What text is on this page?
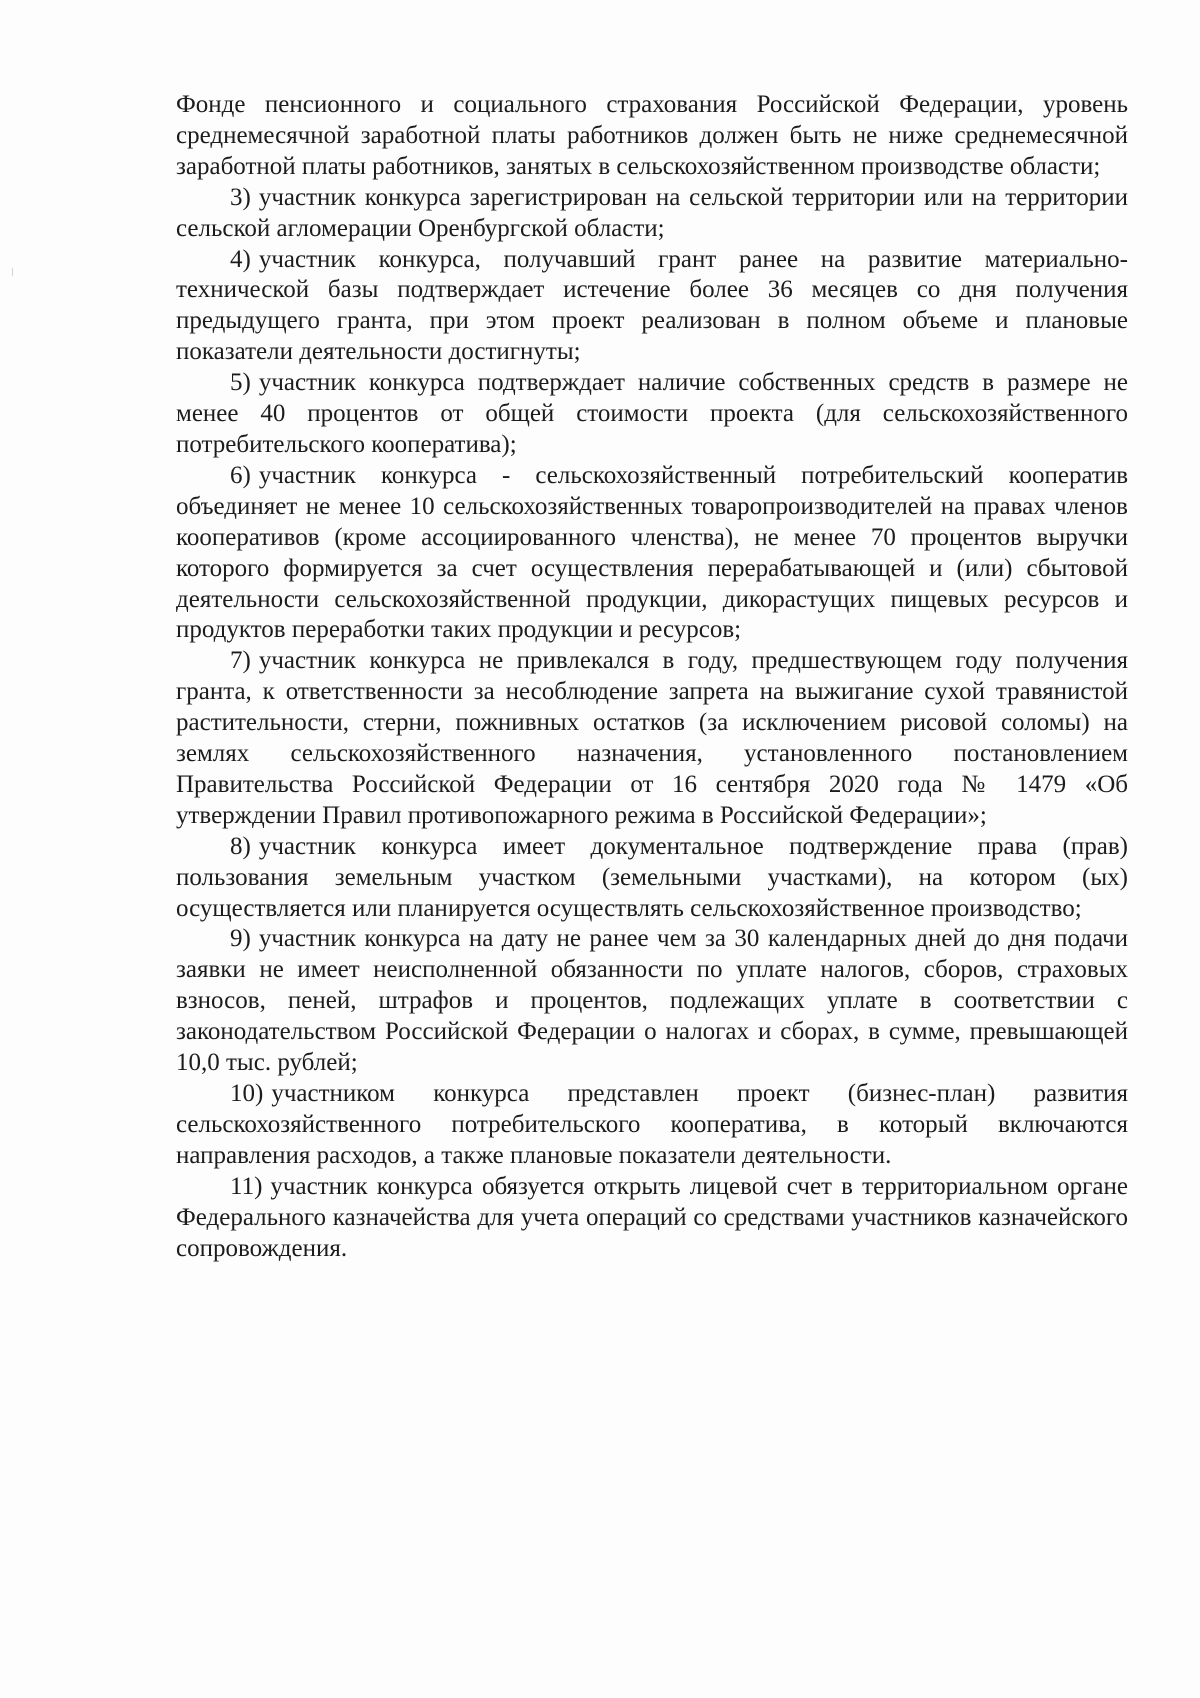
Фонде пенсионного и социального страхования Российской Федерации, уровень среднемесячной заработной платы работников должен быть не ниже среднемесячной заработной платы работников, занятых в сельскохозяйственном производстве области;

3) участник конкурса зарегистрирован на сельской территории или на территории сельской агломерации Оренбургской области;

4) участник конкурса, получавший грант ранее на развитие материально-технической базы подтверждает истечение более 36 месяцев со дня получения предыдущего гранта, при этом проект реализован в полном объеме и плановые показатели деятельности достигнуты;

5) участник конкурса подтверждает наличие собственных средств в размере не менее 40 процентов от общей стоимости проекта (для сельскохозяйственного потребительского кооператива);

6) участник конкурса - сельскохозяйственный потребительский кооператив объединяет не менее 10 сельскохозяйственных товаропроизводителей на правах членов кооперативов (кроме ассоциированного членства), не менее 70 процентов выручки которого формируется за счет осуществления перерабатывающей и (или) сбытовой деятельности сельскохозяйственной продукции, дикорастущих пищевых ресурсов и продуктов переработки таких продукции и ресурсов;

7) участник конкурса не привлекался в году, предшествующем году получения гранта, к ответственности за несоблюдение запрета на выжигание сухой травянистой растительности, стерни, пожнивных остатков (за исключением рисовой соломы) на землях сельскохозяйственного назначения, установленного постановлением Правительства Российской Федерации от 16 сентября 2020 года № 1479 «Об утверждении Правил противопожарного режима в Российской Федерации»;

8) участник конкурса имеет документальное подтверждение права (прав) пользования земельным участком (земельными участками), на котором (ых) осуществляется или планируется осуществлять сельскохозяйственное производство;

9) участник конкурса на дату не ранее чем за 30 календарных дней до дня подачи заявки не имеет неисполненной обязанности по уплате налогов, сборов, страховых взносов, пеней, штрафов и процентов, подлежащих уплате в соответствии с законодательством Российской Федерации о налогах и сборах, в сумме, превышающей 10,0 тыс. рублей;

10) участником конкурса представлен проект (бизнес-план) развития сельскохозяйственного потребительского кооператива, в который включаются направления расходов, а также плановые показатели деятельности.

11) участник конкурса обязуется открыть лицевой счет в территориальном органе Федерального казначейства для учета операций со средствами участников казначейского сопровождения.
